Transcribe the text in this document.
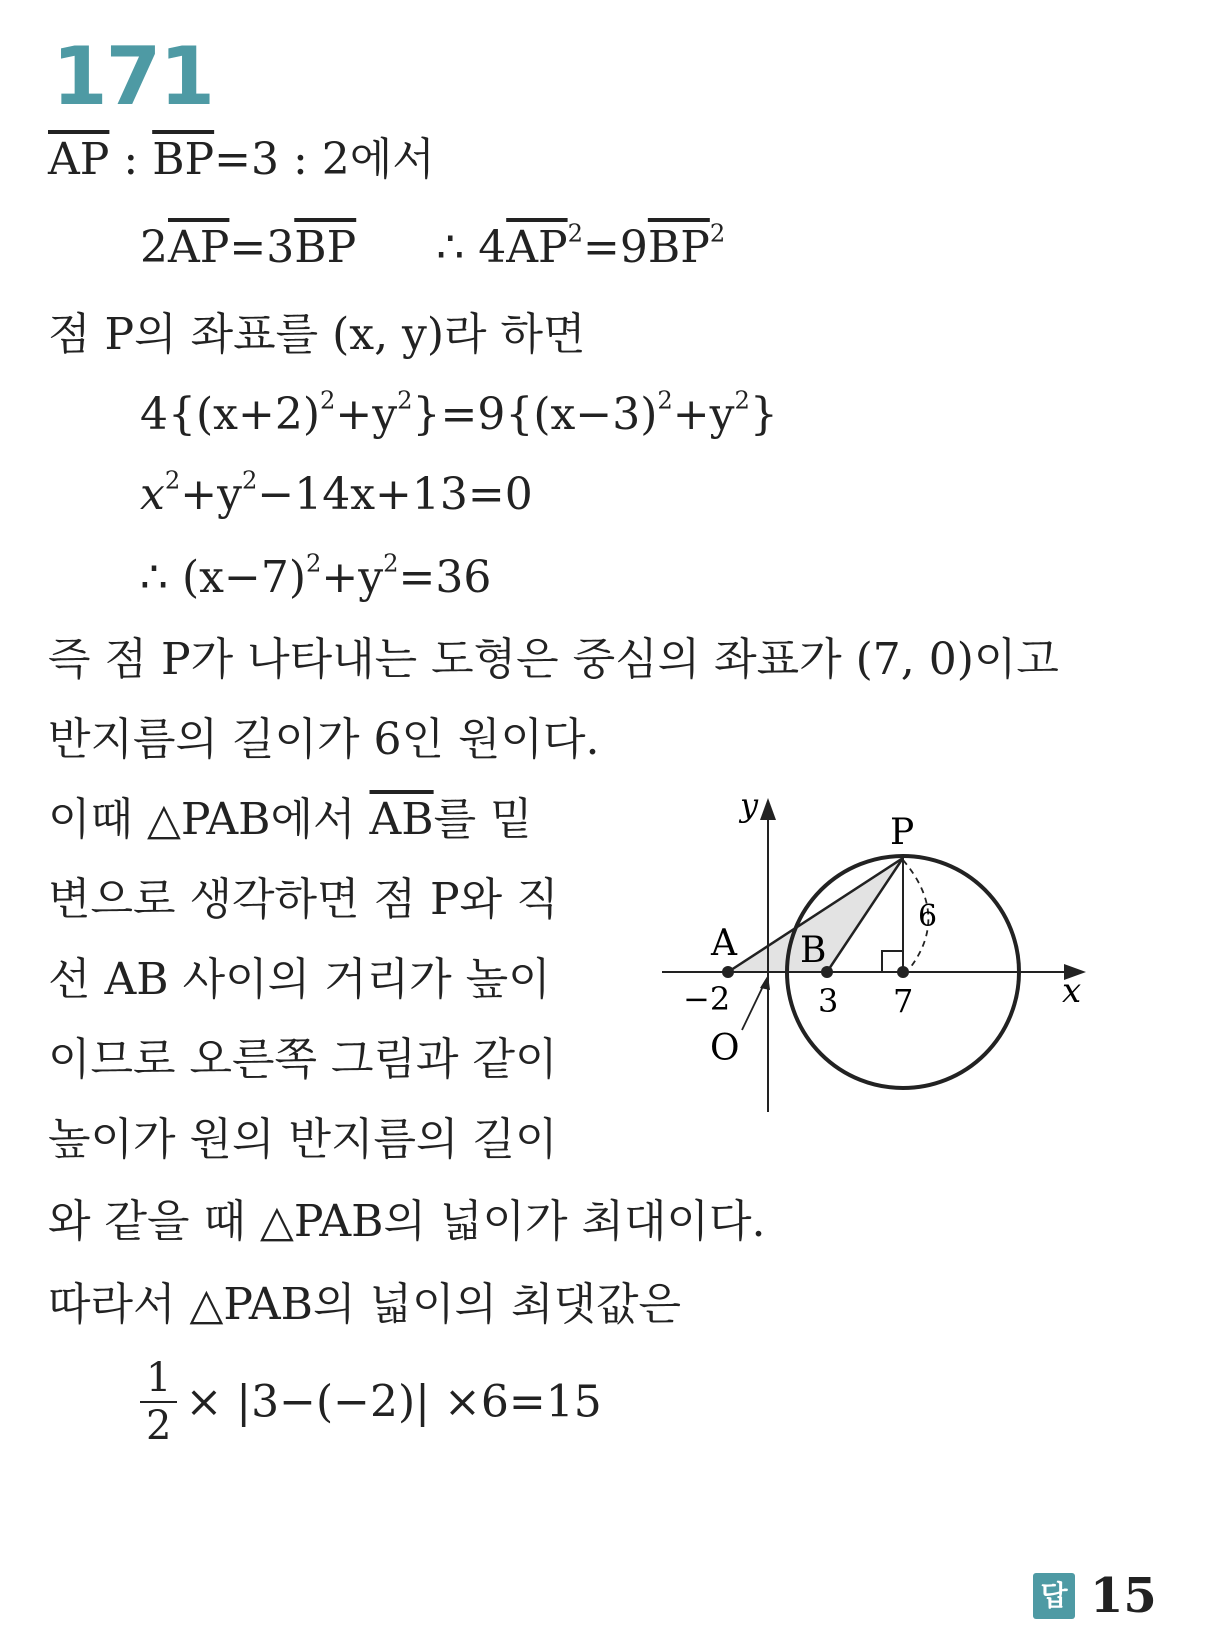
171
$\overline{AP}$ : $\overline{BP}=3$ : 2에서
$2\overline{AP}=3\overline{BP}$ ∴ $4\overline{AP}^2=9\overline{BP}^2$
점 P의 좌표를 (x, y)라 하면
$4\{(x+2)^2+y^2\}=9\{(x-3)^2+y^2\}$
$x^2+y^2-14x+13=0$
∴ $(x-7)^2+y^2=36$
즉 점 P가 나타내는 도형은 중심의 좌표가 (7, 0)이고
반지름의 길이가 6인 원이다.
이때 △PAB에서 $\overline{AB}$를 밑
변으로 생각하면 점 P와 직
선 AB 사이의 거리가 높이
이므로 오른쪽 그림과 같이
높이가 원의 반지름의 길이
와 같을 때 △PAB의 넓이가 최대이다.
따라서 △PAB의 넓이의 최댓값은
$\frac{1}{2} \times |3-(-2)| \times 6=15$
y
x
P
A B
O
−2	3 7
6
답 15
